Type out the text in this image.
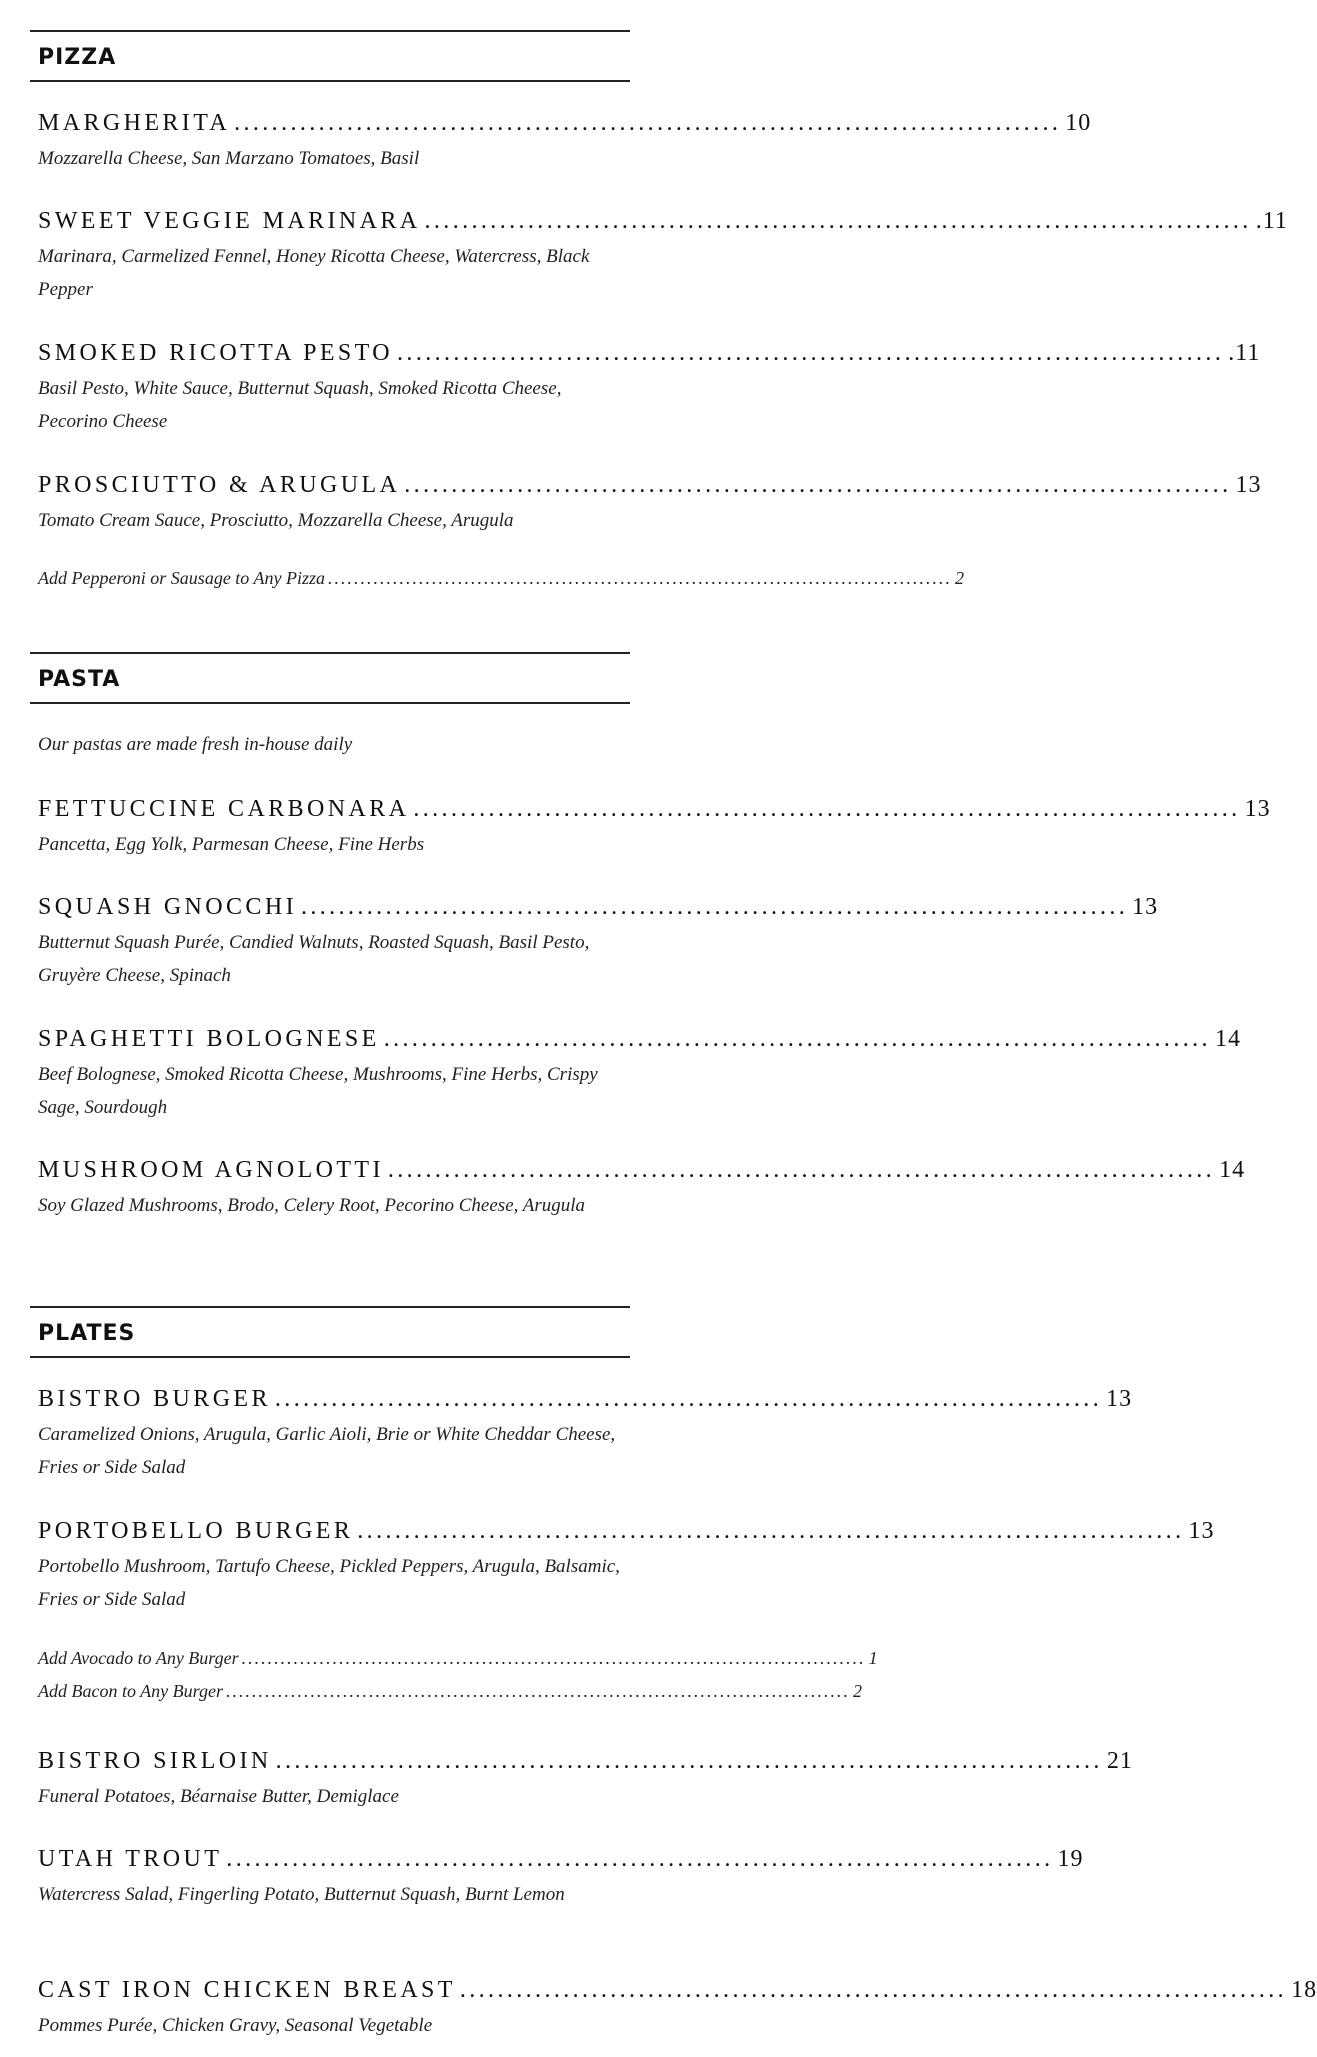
PIZZA
MARGHERITA ........................................................................................ 10
Mozzarella Cheese, San Marzano Tomatoes, Basil
SWEET VEGGIE MARINARA ........................................................................................ .11
Marinara, Carmelized Fennel, Honey Ricotta Cheese, Watercress, Black Pepper
SMOKED RICOTTA PESTO ........................................................................................ .11
Basil Pesto, White Sauce, Butternut Squash, Smoked Ricotta Cheese, Pecorino Cheese
PROSCIUTTO & ARUGULA ........................................................................................ 13
Tomato Cream Sauce, Prosciutto, Mozzarella Cheese, Arugula
Add Pepperoni or Sausage to Any Pizza ................................................................................................ 2
PASTA
Our pastas are made fresh in-house daily
FETTUCCINE CARBONARA ........................................................................................ 13
Pancetta, Egg Yolk, Parmesan Cheese, Fine Herbs
SQUASH GNOCCHI ........................................................................................ 13
Butternut Squash Purée, Candied Walnuts, Roasted Squash, Basil Pesto, Gruyère Cheese, Spinach
SPAGHETTI BOLOGNESE ........................................................................................ 14
Beef Bolognese, Smoked Ricotta Cheese, Mushrooms, Fine Herbs, Crispy Sage, Sourdough
MUSHROOM AGNOLOTTI ........................................................................................ 14
Soy Glazed Mushrooms, Brodo, Celery Root, Pecorino Cheese, Arugula
PLATES
BISTRO BURGER ........................................................................................ 13
Caramelized Onions, Arugula, Garlic Aioli, Brie or White Cheddar Cheese, Fries or Side Salad
PORTOBELLO BURGER ........................................................................................ 13
Portobello Mushroom, Tartufo Cheese, Pickled Peppers, Arugula, Balsamic, Fries or Side Salad
Add Avocado to Any Burger ................................................................................................ 1
Add Bacon to Any Burger ................................................................................................ 2
BISTRO SIRLOIN ........................................................................................ 21
Funeral Potatoes, Béarnaise Butter, Demiglace
UTAH TROUT ........................................................................................ 19
Watercress Salad, Fingerling Potato, Butternut Squash, Burnt Lemon
CAST IRON CHICKEN BREAST ........................................................................................ 18
Pommes Purée, Chicken Gravy, Seasonal Vegetable
